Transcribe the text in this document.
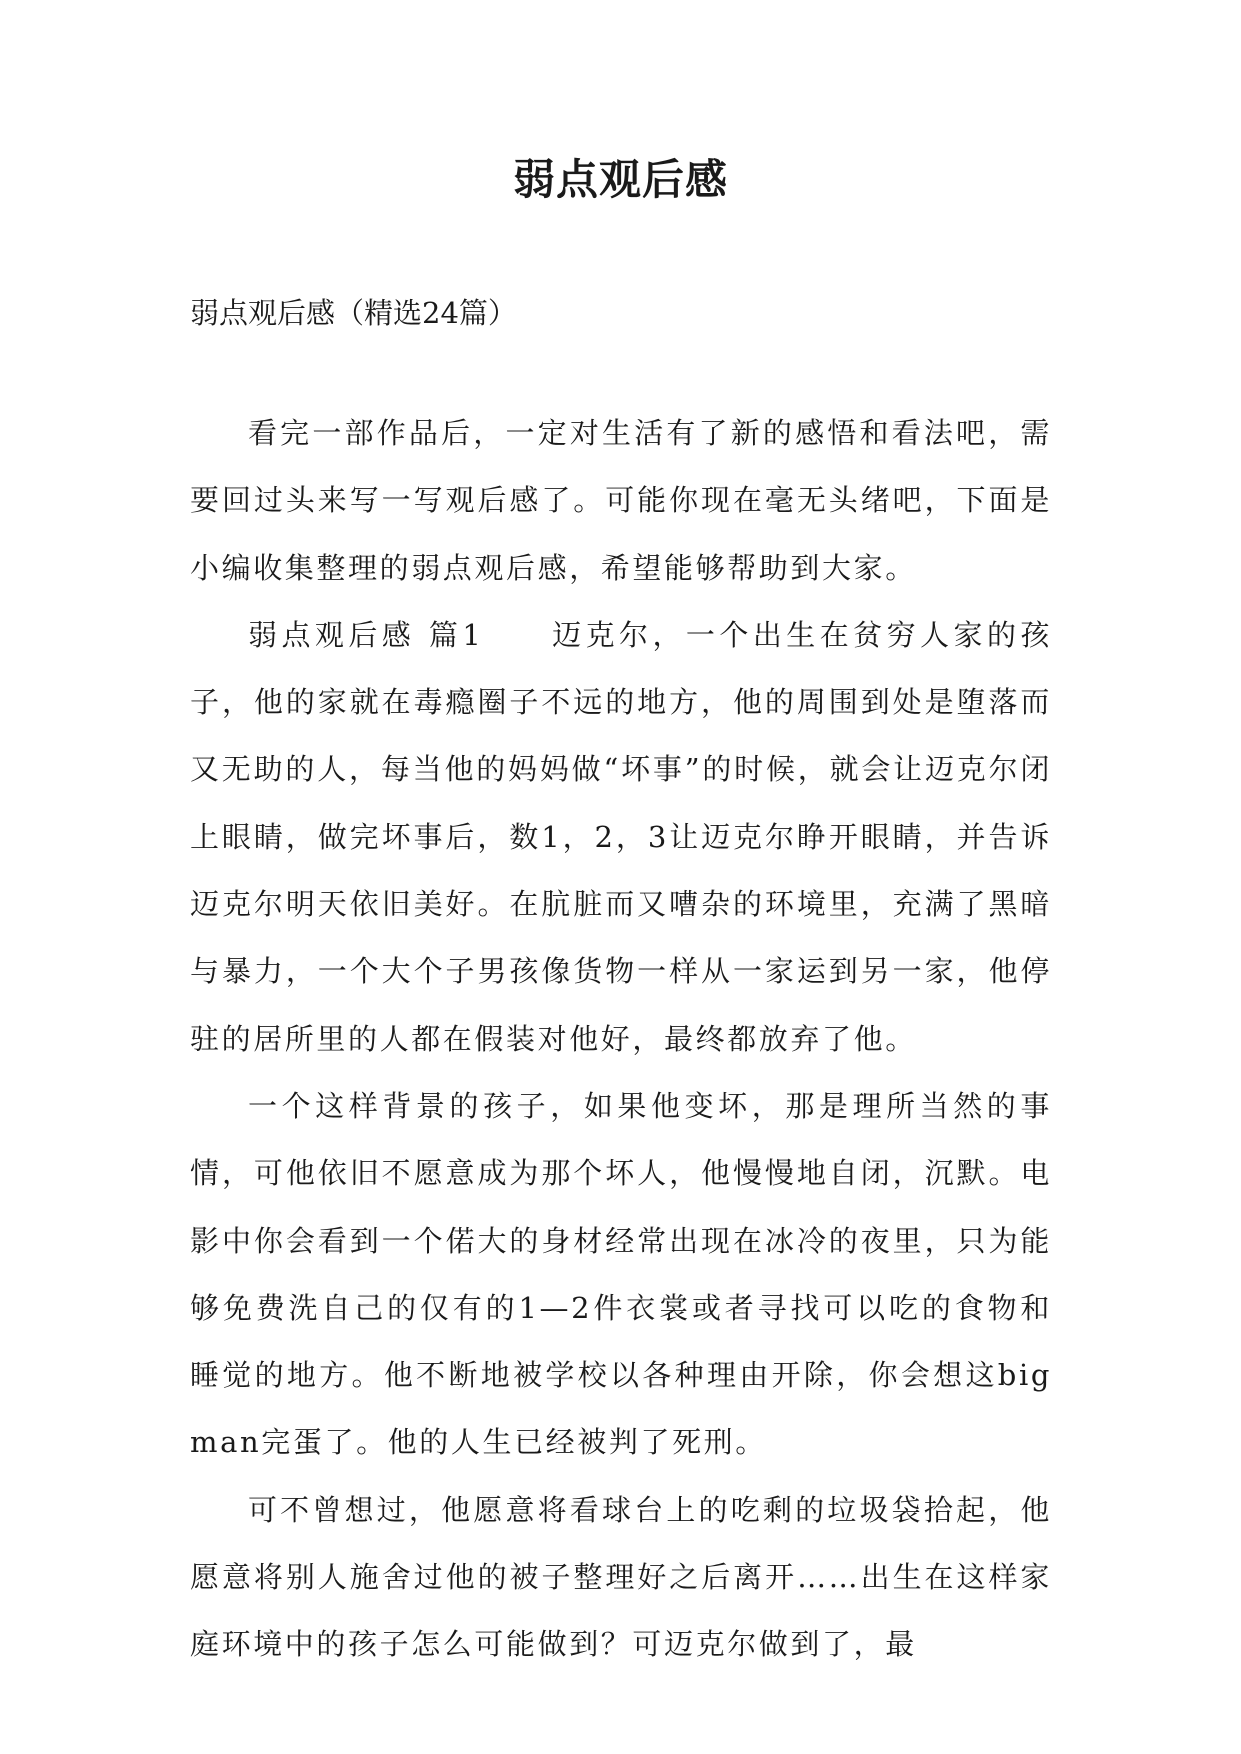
弱点观后感

弱点观后感（精选24篇）

看完一部作品后，一定对生活有了新的感悟和看法吧，需要回过头来写一写观后感了。可能你现在毫无头绪吧，下面是小编收集整理的弱点观后感，希望能够帮助到大家。

弱点观后感 篇1　　迈克尔，一个出生在贫穷人家的孩子，他的家就在毒瘾圈子不远的地方，他的周围到处是堕落而又无助的人，每当他的妈妈做“坏事”的时候，就会让迈克尔闭上眼睛，做完坏事后，数1，2，3让迈克尔睁开眼睛，并告诉迈克尔明天依旧美好。在肮脏而又嘈杂的环境里，充满了黑暗与暴力，一个大个子男孩像货物一样从一家运到另一家，他停驻的居所里的人都在假装对他好，最终都放弃了他。

一个这样背景的孩子，如果他变坏，那是理所当然的事情，可他依旧不愿意成为那个坏人，他慢慢地自闭，沉默。电影中你会看到一个偌大的身材经常出现在冰冷的夜里，只为能够免费洗自己的仅有的1—2件衣裳或者寻找可以吃的食物和睡觉的地方。他不断地被学校以各种理由开除，你会想这big man完蛋了。他的人生已经被判了死刑。

可不曾想过，他愿意将看球台上的吃剩的垃圾袋拾起，他愿意将别人施舍过他的被子整理好之后离开……出生在这样家庭环境中的孩子怎么可能做到？可迈克尔做到了，最
